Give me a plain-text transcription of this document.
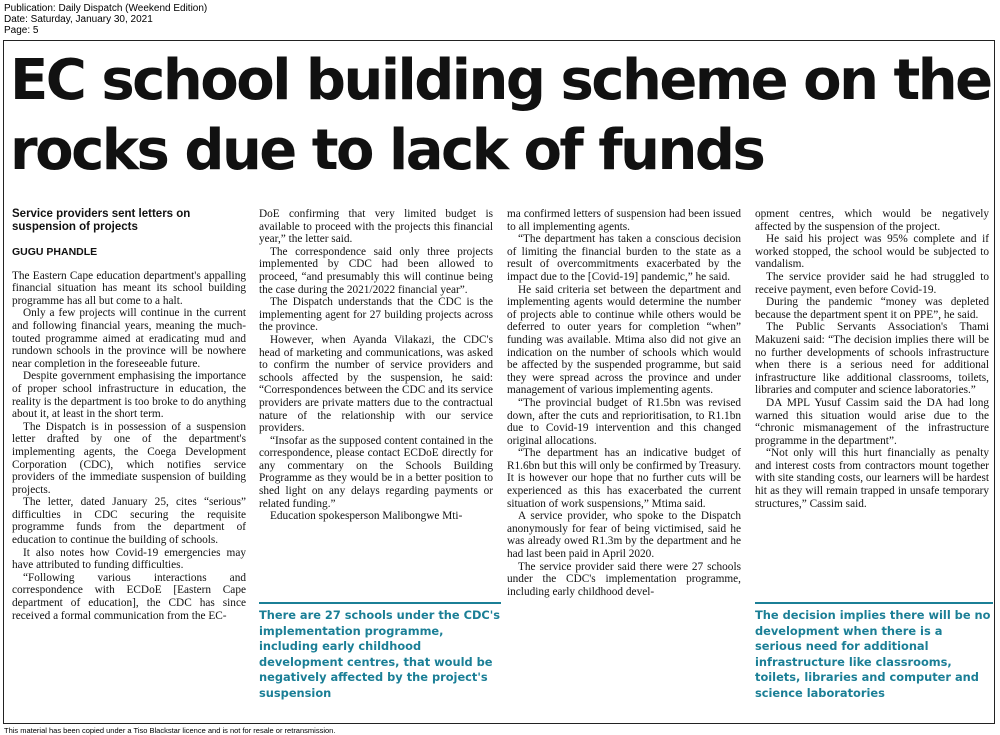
Publication: Daily Dispatch (Weekend Edition)
Date: Saturday, January 30, 2021
Page: 5
EC school building scheme on the rocks due to lack of funds
Service providers sent letters on suspension of projects
GUGU PHANDLE

The Eastern Cape education department's appalling financial situation has meant its school building programme has all but come to a halt.

Only a few projects will continue in the current and following financial years, meaning the much-touted programme aimed at eradicating mud and rundown schools in the province will be nowhere near completion in the foreseeable future.

Despite government emphasising the importance of proper school infrastructure in education, the reality is the department is too broke to do anything about it, at least in the short term.

The Dispatch is in possession of a suspension letter drafted by one of the department's implementing agents, the Coega Development Corporation (CDC), which notifies service providers of the immediate suspension of building projects.

The letter, dated January 25, cites “serious” difficulties in CDC securing the requisite programme funds from the department of education to continue the building of schools.

It also notes how Covid-19 emergencies may have attributed to funding difficulties.

“Following various interactions and correspondence with ECDoE [Eastern Cape department of education], the CDC has since received a formal communication from the EC-

DoE confirming that very limited budget is available to proceed with the projects this financial year,” the letter said.

The correspondence said only three projects implemented by CDC had been allowed to proceed, “and presumably this will continue being the case during the 2021/2022 financial year”.

The Dispatch understands that the CDC is the implementing agent for 27 building projects across the province.

However, when Ayanda Vilakazi, the CDC's head of marketing and communications, was asked to confirm the number of service providers and schools affected by the suspension, he said: “Correspondences between the CDC and its service providers are private matters due to the contractual nature of the relationship with our service providers.

“Insofar as the supposed content contained in the correspondence, please contact ECDoE directly for any commentary on the Schools Building Programme as they would be in a better position to shed light on any delays regarding payments or related funding.”

Education spokesperson Malibongwe Mti-

ma confirmed letters of suspension had been issued to all implementing agents.

“The department has taken a conscious decision of limiting the financial burden to the state as a result of overcommitments exacerbated by the impact due to the [Covid-19] pandemic,” he said.

He said criteria set between the department and implementing agents would determine the number of projects able to continue while others would be deferred to outer years for completion “when” funding was available. Mtima also did not give an indication on the number of schools which would be affected by the suspended programme, but said they were spread across the province and under management of various implementing agents.

“The provincial budget of R1.5bn was revised down, after the cuts and reprioritisation, to R1.1bn due to Covid-19 intervention and this changed original allocations.

“The department has an indicative budget of R1.6bn but this will only be confirmed by Treasury. It is however our hope that no further cuts will be experienced as this has exacerbated the current situation of work suspensions,” Mtima said.

A service provider, who spoke to the Dispatch anonymously for fear of being victimised, said he was already owed R1.3m by the department and he had last been paid in April 2020.

The service provider said there were 27 schools under the CDC's implementation programme, including early childhood devel-

opment centres, which would be negatively affected by the suspension of the project.

He said his project was 95% complete and if worked stopped, the school would be subjected to vandalism.

The service provider said he had struggled to receive payment, even before Covid-19.

During the pandemic “money was depleted because the department spent it on PPE”, he said.

The Public Servants Association's Thami Makuzeni said: “The decision implies there will be no further developments of schools infrastructure when there is a serious need for additional infrastructure like additional classrooms, toilets, libraries and computer and science laboratories.”

DA MPL Yusuf Cassim said the DA had long warned this situation would arise due to the “chronic mismanagement of the infrastructure programme in the department”.

“Not only will this hurt financially as penalty and interest costs from contractors mount together with site standing costs, our learners will be hardest hit as they will remain trapped in unsafe temporary structures,” Cassim said.

There are 27 schools under the CDC's implementation programme, including early childhood development centres, that would be negatively affected by the project's suspension
The decision implies there will be no development when there is a serious need for additional infrastructure like classrooms, toilets, libraries and computer and science laboratories
This material has been copied under a Tiso Blackstar licence and is not for resale or retransmission.
